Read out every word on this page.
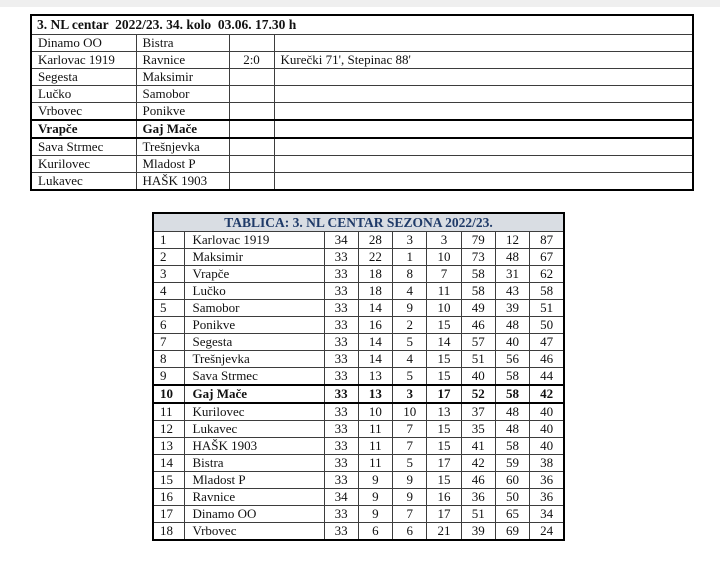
3. NL centar  2022/23. 34. kolo  03.06. 17.30 h			
Dinamo OO	Bistra		
Karlovac 1919	Ravnice	2:0	Kurečki 71', Stepinac 88'
Segesta	Maksimir		
Lučko	Samobor		
Vrbovec	Ponikve		
Vrapče	Gaj Mače		
Sava Strmec	Trešnjevka		
Kurilovec	Mladost P		
Lukavec	HAŠK 1903		
TABLICA: 3. NL CENTAR SEZONA 2022/23.								
1	Karlovac 1919	34	28	3	3	79	12	87
2	Maksimir	33	22	1	10	73	48	67
3	Vrapče	33	18	8	7	58	31	62
4	Lučko	33	18	4	11	58	43	58
5	Samobor	33	14	9	10	49	39	51
6	Ponikve	33	16	2	15	46	48	50
7	Segesta	33	14	5	14	57	40	47
8	Trešnjevka	33	14	4	15	51	56	46
9	Sava Strmec	33	13	5	15	40	58	44
10	Gaj Mače	33	13	3	17	52	58	42
11	Kurilovec	33	10	10	13	37	48	40
12	Lukavec	33	11	7	15	35	48	40
13	HAŠK 1903	33	11	7	15	41	58	40
14	Bistra	33	11	5	17	42	59	38
15	Mladost P	33	9	9	15	46	60	36
16	Ravnice	34	9	9	16	36	50	36
17	Dinamo OO	33	9	7	17	51	65	34
18	Vrbovec	33	6	6	21	39	69	24
